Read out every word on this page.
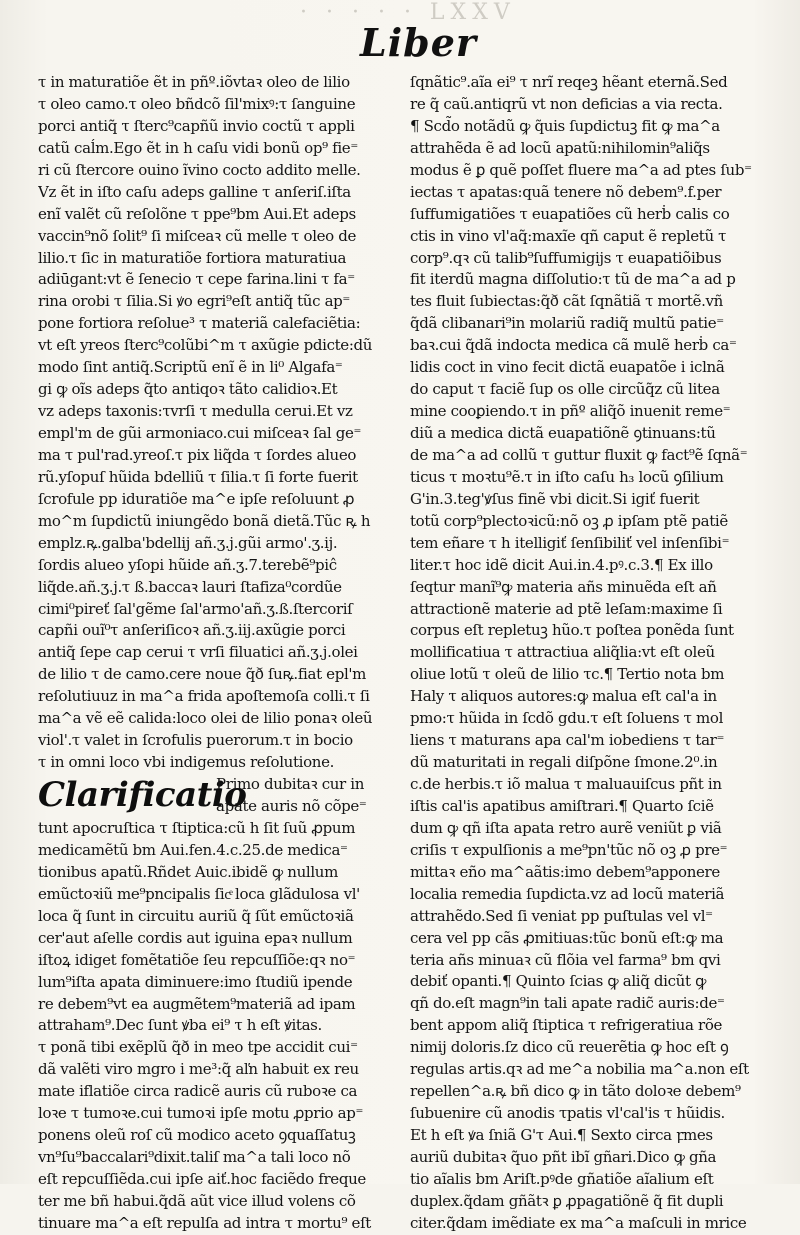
· · · · · LXXV
Liber
τ in maturatiõe ẽt in pñº.iõvtaꝛ oleo de lilio
τ oleo camo.τ oleo bñdcõ ſil'mixꝰ:τ ſanguine
porci antiq̃ τ ſterc⁹capñũ invio coctũ τ appli
catũ caĺm.Ego ẽt in h caſu vidi bonũ op⁹ fie⁼
ri cũ ſtercore ouino ĩvino cocto addito melle.
Vz ẽt in iſto caſu adeps galline τ anſeriſ.iſta
enĩ valẽt cũ reſolõne τ ppe⁹bm Aui.Et adeps
vaccin⁹nõ ſolit⁹ ſi miſceaꝛ cũ melle τ oleo de
lilio.τ ſic in maturatiõe fortiora maturatiua
adiūgant:vt ẽ ſenecio τ cepe farina.lini τ fa⁼
rina orobi τ ſilia.Si ꝟo egri⁹eſt antiq̃ tũc ap⁼
pone fortiora reſolue³ τ materiã calefaciẽtia:
vt eſt yreos ſterc⁹colũbi^m τ axũgie pdicte:dũ
modo ſint antiq̃.Scriptũ enĩ ẽ in li⁰ Algafa⁼
gi ꝙ oĩs adeps q̃to antiqoꝛ tãto calidioꝛ.Et
vz adeps taxonis:τvrſi τ medulla cerui.Et vz
empl'm de gũi armoniaco.cui miſceaꝛ ſal ge⁼
ma τ pul'rad.yreoſ.τ pix liq̃da τ ſordes alueo
rũ.yſopuſ hũida bdelliũ τ ſilia.τ ſi forte fuerit
ſcrofule pp iduratiõe ma^e ipſe reſoluunt ꝓ
mo^m ſupdictũ iniungẽdo bonã dietã.Tũc ꝶ h
emplz.ꝶ.galba'bdellij añ.ʒ.j.gũi armo'.ʒ.ij.
ſordis alueo yſopi hũide añ.ʒ.7.terebẽ⁹piĉ
liq̃de.añ.ʒ.j.τ ß.baccaꝛ lauri ſtafiza⁰cordũe
cimi⁰pireť ſal'gẽme ſal'armo'añ.ʒ.ß.ſtercoriſ
capñi ouĩ⁰τ anſeriſicoꝛ añ.ʒ.iij.axũgie porci
antiq̃ ſepe cap cerui τ vrſi filuatici añ.ʒ.j.olei
de lilio τ de camo.cere noue q̃ð ſuꝶ.fiat epl'm
reſolutiuuz in ma^a frida apoſtemoſa colli.τ ſi
ma^a vẽ eẽ calida:loco olei de lilio ponaꝛ oleũ
viol'.τ valet in ſcrofulis puerorum.τ in bocio
τ in omni loco vbi indigemus reſolutione.
Clarificatio
Primo dubitaꝛ cur in
apate auris nõ cõpe⁼
tunt apocruſtica τ ſtiptica:cũ h ſit ſuũ ꝓpum
medicamẽtũ bm Aui.fen.4.c.25.de medica⁼
tionibus apatũ.Rñdet Auic.ibidẽ ꝙ nullum
emũctoꝛiũ me⁹pncipalis ſicͤ loca glãdulosa vl'
loca q̃ ſunt in circuitu auriũ q̃ ſũt emũctoꝛiã
cer'aut aſelle cordis aut iguina epaꝛ nullum
iſtoꝝ idiget fomẽtatiõe ſeu repcuſſiõe:qꝛ no⁼
lum⁹iſta apata diminuere:imo ſtudiũ ipende
re debem⁹vt ea augmẽtem⁹materiã ad ipam
attraham⁹.Dec ſunt ꝟba ei⁹ τ h eſt ꝟitas.
τ ponã tibi exẽplũ q̃ð in meo tpe accidit cui⁼
dã valẽti viro mgro i me³:q̃ aľn habuit ex reu
mate iflatiõe circa radicẽ auris cũ ruboꝛe ca
loꝛe τ tumoꝛe.cui tumoꝛi ipſe motu ꝓprio ap⁼
ponens oleũ roſ cũ modico aceto ꝯquaſſatuꝫ
vn⁹ſu⁹baccalari⁹dixit.taliſ ma^a tali loco nõ
eſt repcuſſiẽda.cui ipſe aiť.hoc faciẽdo freque
ter me bñ habui.q̃dã aũt vice illud volens cõ
tinuare ma^a eſt repulſa ad intra τ mortu⁹ eſt
ſqnãtic⁹.aĩa ei⁹ τ nrĩ reqeꝫ hẽant eternã.Sed
re q̃ caũ.antiqrũ vt non deficias a via recta.
¶ Scd̃o notãdũ ꝙ q̃uis ſupdictuꝫ fit ꝙ ma^a
attrahẽda ẽ ad locũ apatũ:nihilomin⁹aliq̃s
modus ẽ ꝑ quẽ poſſet fluere ma^a ad ptes ſub⁼
iectas τ apatas:quã tenere nõ debem⁹.f.per
ſuffumigatiões τ euapatiões cũ herḃ calis co
ctis in vino vl'aq̃:maxĩe qñ caput ẽ repletũ τ
corp⁹.qꝛ cũ talib⁹ſuffumigijs τ euapatiõibus
fit iterdũ magna diſſolutio:τ tũ de ma^a ad p
tes fluit ſubiectas:q̃ð cãt ſqnãtiã τ mortẽ.vñ
q̃dã clibanari⁹in molariũ radiq̃ multũ patie⁼
baꝛ.cui q̃dã indocta medica cã mulẽ herḃ ca⁼
lidis coct in vino fecit dictã euapatõe i iclnã
do caput τ faciẽ ſup os olle circũq̃z cũ litea
mine cooꝑiendo.τ in pñº aliq̃õ inuenit reme⁼
diũ a medica dictã euapatiõnẽ ꝯtinuans:tũ
de ma^a ad collũ τ guttur fluxit ꝙ fact⁹ẽ ſqnã⁼
ticus τ moꝛtu⁹ẽ.τ in iſto caſu h₃ locũ ꝯſilium
G'in.3.teg'ꝟſus finẽ vbi dicit.Si igiť fuerit
totũ corp⁹plectoꝛicũ:nõ oꝫ ꝓ ipſam ptẽ patiẽ
tem eñare τ h itelligiť ſenſibiliť vel inſenſibi⁼
liter.τ hoc idẽ dicit Aui.in.4.pꝰ.c.3.¶ Ex illo
ſeqtur manĩ⁹ꝙ materia añs minuẽda eſt añ
attractionẽ materie ad ptẽ leſam:maxime ſi
corpus eſt repletuꝫ hũo.τ poſtea ponẽda ſunt
mollificatiua τ attractiua aliq̃lia:vt eſt oleũ
oliue lotũ τ oleũ de lilio τc.¶ Tertio nota bm
Haly τ aliquos autores:ꝙ malua eſt cal'a in
pmo:τ hũida in ſcdõ gdu.τ eſt ſoluens τ mol
liens τ maturans apa cal'm iobediens τ tar⁼
dũ maturitati in regali diſpõne ſmone.2⁰.in
c.de herbis.τ iõ malua τ maluauiſcus pñt in
iſtis cal'is apatibus amiſtrari.¶ Quarto ſciẽ
dum ꝙ qñ iſta apata retro aurẽ veniũt ꝑ viã
criſis τ expulſionis a me⁹pn'tũc nõ oꝫ ꝓ pre⁼
mittaꝛ eño ma^aãtis:imo debem⁹apponere
localia remedia ſupdicta.vz ad locũ materiã
attrahẽdo.Sed ſi veniat pp puſtulas vel vl⁼
cera vel pp cãs ꝓmitiuas:tũc bonũ eſt:ꝙ ma
teria añs minuaꝛ cũ flõia vel farma⁹ bm qvi
debiť opanti.¶ Quinto ſcias ꝙ aliq̃ dicũt ꝙ
qñ do.eſt magn⁹in tali apate radic̃ auris:de⁼
bent appom aliq̃ ſtiptica τ refrigeratiua rõe
nimij doloris.ſz dico cũ reuerẽtia ꝙ hoc eſt ꝯ
regulas artis.qꝛ ad me^a nobilia ma^a.non eſt
repellen^a.ꝶ bñ dico ꝙ in tãto doloꝛe debem⁹
ſubuenire cũ anodis τpatis vl'cal'is τ hũidis.
Et h eſt ꝟa ſniã G'τ Aui.¶ Sexto circa ꝼmes
auriũ dubitaꝛ q̃uo pñt ibĩ gñari.Dico ꝙ gña
tio aĩalis bm Ariſt.pꝰde gñatiõe aĩalium eſt
duplex.q̃dam gñãtꝛ ꝑ ꝓpagatiõnẽ q̃ fit dupli
citer.q̃dam imẽdiate ex ma^a maſculi in mrice
